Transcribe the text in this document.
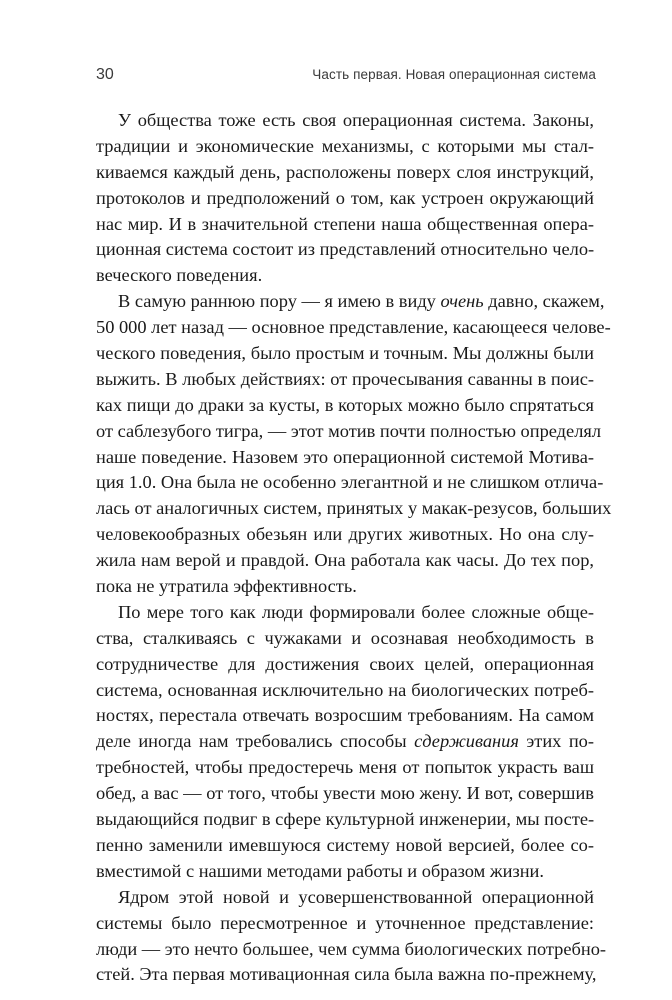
30	Часть первая. Новая операционная система
У общества тоже есть своя операционная система. Законы,
традиции и экономические механизмы, с которыми мы стал-
киваемся каждый день, расположены поверх слоя инструкций,
протоколов и предположений о том, как устроен окружающий
нас мир. И в значительной степени наша общественная опера-
ционная система состоит из представлений относительно чело-
веческого поведения.
В самую раннюю пору — я имею в виду очень давно, скажем,
50 000 лет назад — основное представление, касающееся челове-
ческого поведения, было простым и точным. Мы должны были
выжить. В любых действиях: от прочесывания саванны в поис-
ках пищи до драки за кусты, в которых можно было спрятаться
от саблезубого тигра, — этот мотив почти полностью определял
наше поведение. Назовем это операционной системой Мотива-
ция 1.0. Она была не особенно элегантной и не слишком отлича-
лась от аналогичных систем, принятых у макак-резусов, больших
человекообразных обезьян или других животных. Но она слу-
жила нам верой и правдой. Она работала как часы. До тех пор,
пока не утратила эффективность.
По мере того как люди формировали более сложные обще-
ства, сталкиваясь с чужаками и осознавая необходимость в
сотрудничестве для достижения своих целей, операционная
система, основанная исключительно на биологических потреб-
ностях, перестала отвечать возросшим требованиям. На самом
деле иногда нам требовались способы сдерживания этих по-
требностей, чтобы предостеречь меня от попыток украсть ваш
обед, а вас — от того, чтобы увести мою жену. И вот, совершив
выдающийся подвиг в сфере культурной инженерии, мы посте-
пенно заменили имевшуюся систему новой версией, более со-
вместимой с нашими методами работы и образом жизни.
Ядром этой новой и усовершенствованной операционной
системы было пересмотренное и уточненное представление:
люди — это нечто большее, чем сумма биологических потребно-
стей. Эта первая мотивационная сила была важна по-прежнему,
